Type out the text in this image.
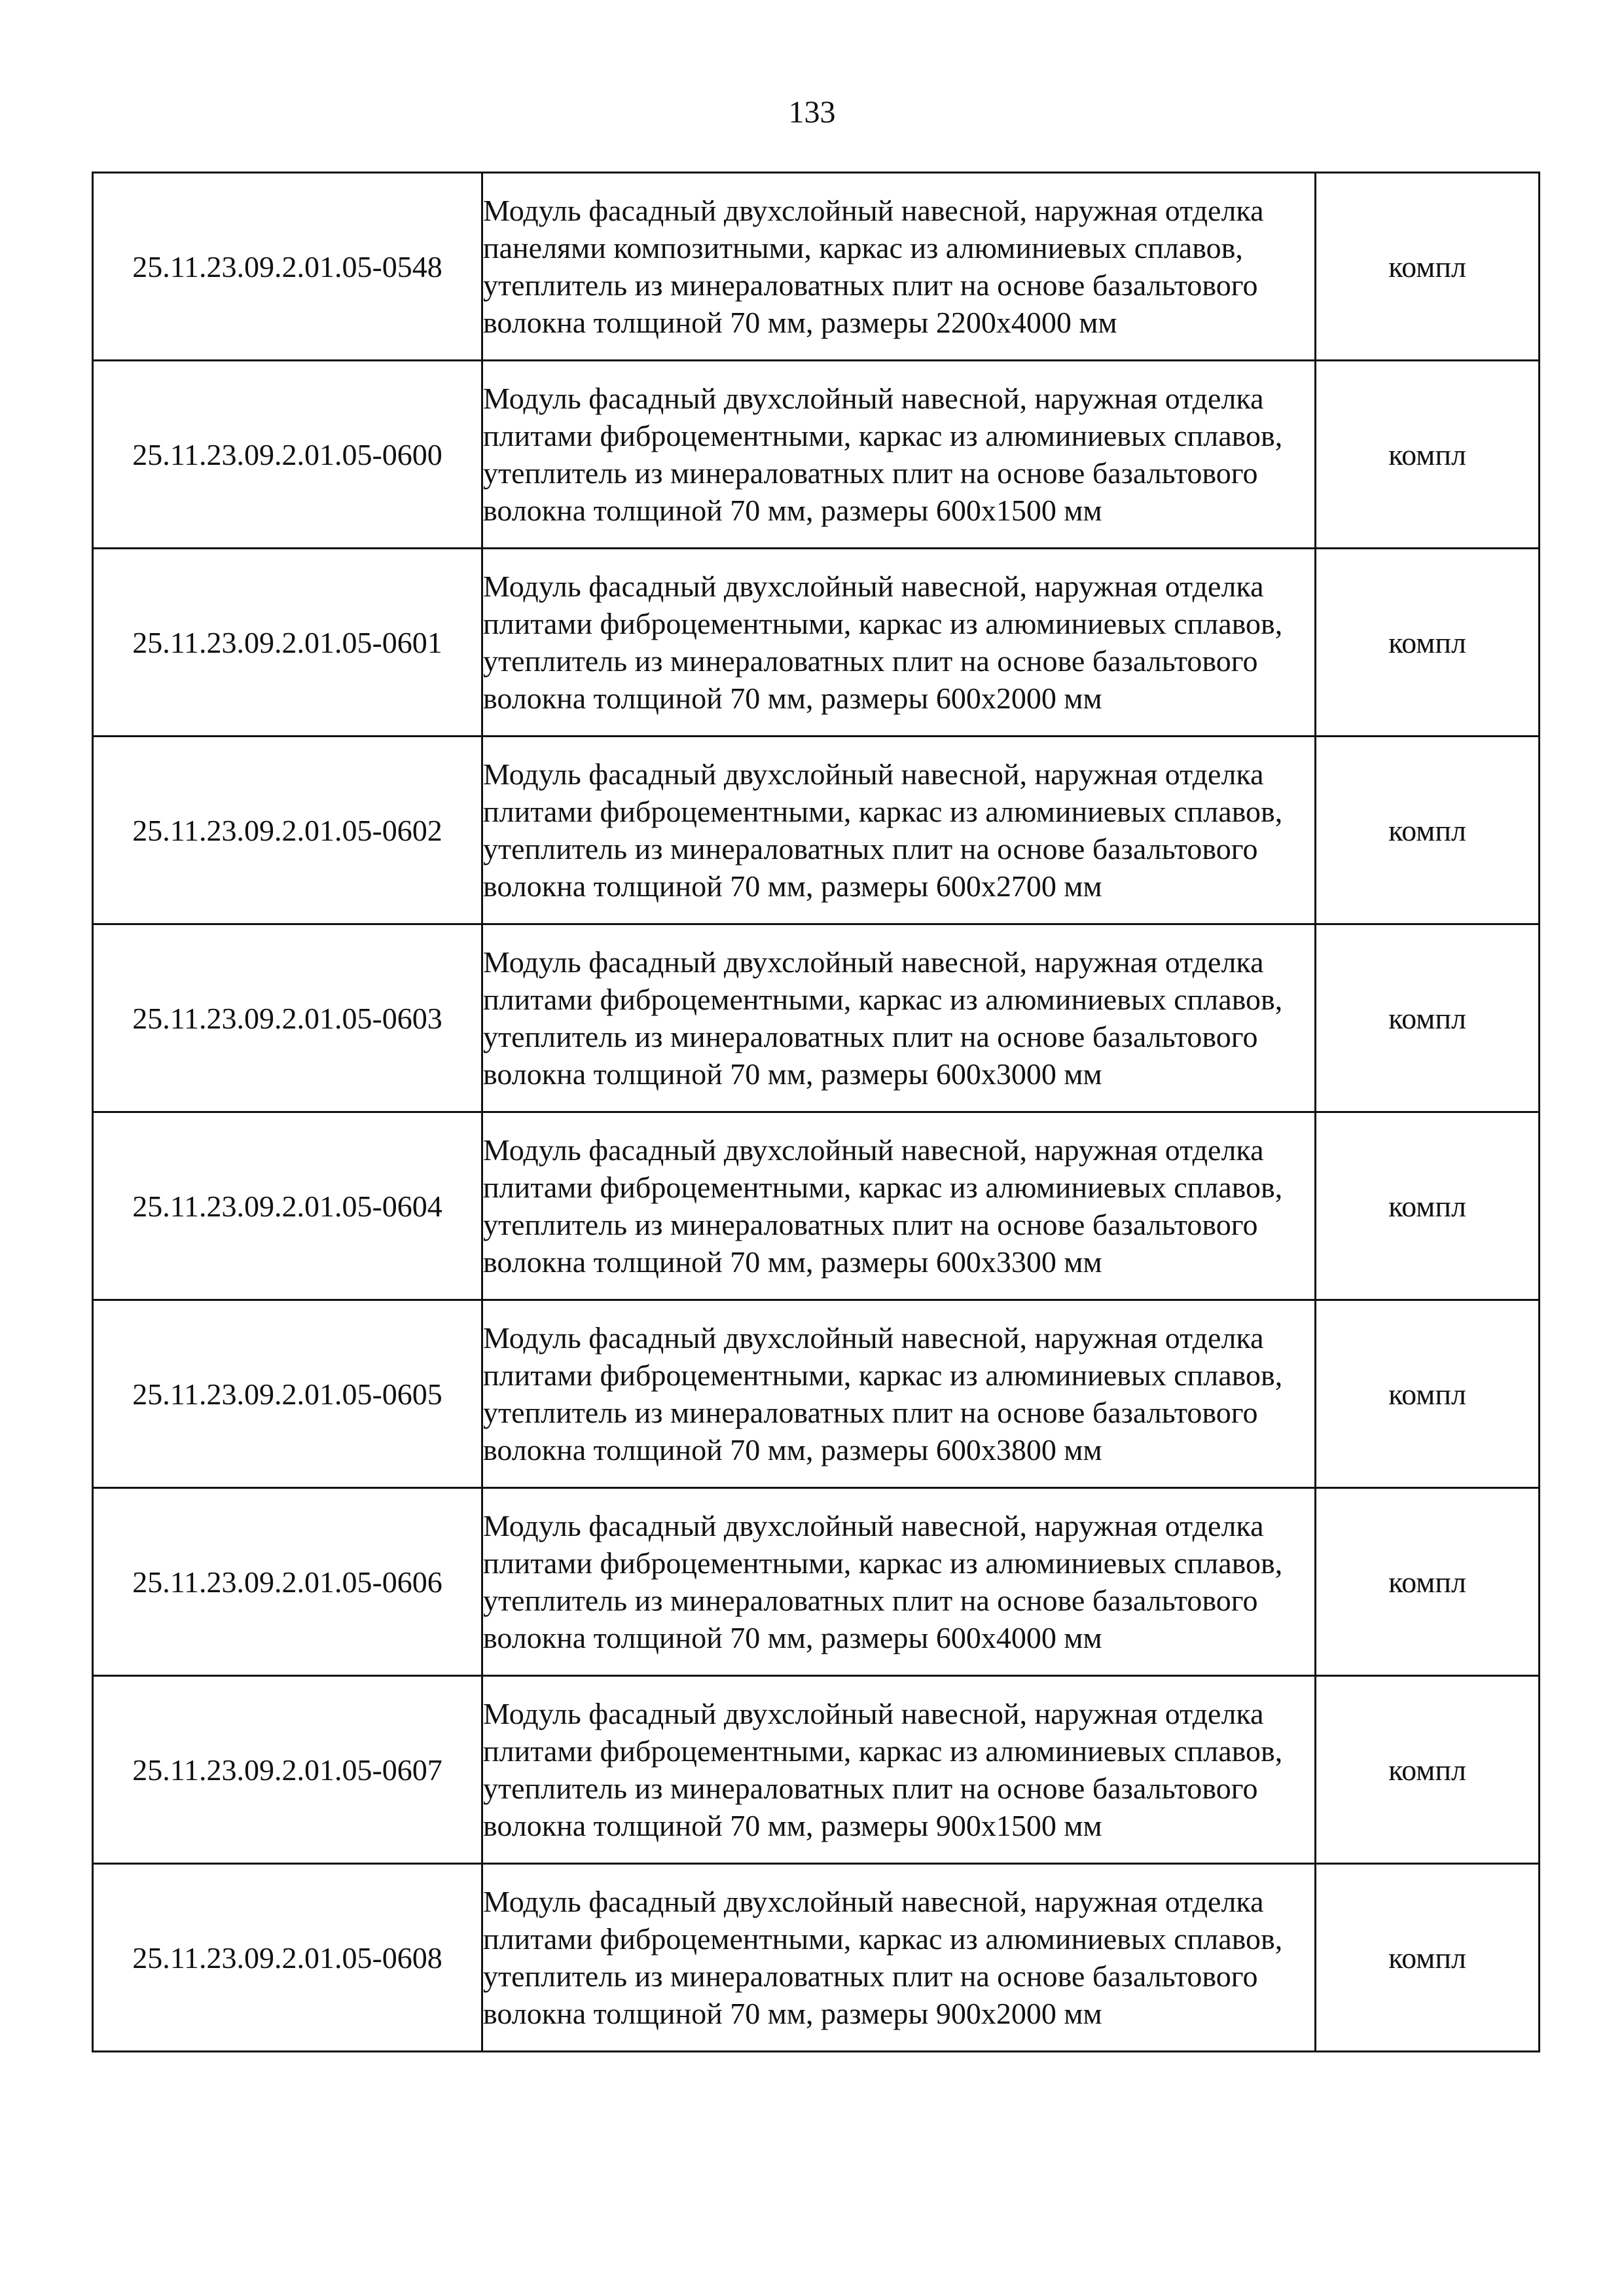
133
25.11.23.09.2.01.05-0548	Модуль фасадный двухслойный навесной, наружная отделка панелями композитными, каркас из алюминиевых сплавов, утеплитель из минераловатных плит на основе базальтового волокна толщиной 70 мм, размеры 2200х4000 мм	компл
25.11.23.09.2.01.05-0600	Модуль фасадный двухслойный навесной, наружная отделка плитами фиброцементными, каркас из алюминиевых сплавов, утеплитель из минераловатных плит на основе базальтового волокна толщиной 70 мм, размеры 600х1500 мм	компл
25.11.23.09.2.01.05-0601	Модуль фасадный двухслойный навесной, наружная отделка плитами фиброцементными, каркас из алюминиевых сплавов, утеплитель из минераловатных плит на основе базальтового волокна толщиной 70 мм, размеры 600х2000 мм	компл
25.11.23.09.2.01.05-0602	Модуль фасадный двухслойный навесной, наружная отделка плитами фиброцементными, каркас из алюминиевых сплавов, утеплитель из минераловатных плит на основе базальтового волокна толщиной 70 мм, размеры 600х2700 мм	компл
25.11.23.09.2.01.05-0603	Модуль фасадный двухслойный навесной, наружная отделка плитами фиброцементными, каркас из алюминиевых сплавов, утеплитель из минераловатных плит на основе базальтового волокна толщиной 70 мм, размеры 600х3000 мм	компл
25.11.23.09.2.01.05-0604	Модуль фасадный двухслойный навесной, наружная отделка плитами фиброцементными, каркас из алюминиевых сплавов, утеплитель из минераловатных плит на основе базальтового волокна толщиной 70 мм, размеры 600х3300 мм	компл
25.11.23.09.2.01.05-0605	Модуль фасадный двухслойный навесной, наружная отделка плитами фиброцементными, каркас из алюминиевых сплавов, утеплитель из минераловатных плит на основе базальтового волокна толщиной 70 мм, размеры 600х3800 мм	компл
25.11.23.09.2.01.05-0606	Модуль фасадный двухслойный навесной, наружная отделка плитами фиброцементными, каркас из алюминиевых сплавов, утеплитель из минераловатных плит на основе базальтового волокна толщиной 70 мм, размеры 600х4000 мм	компл
25.11.23.09.2.01.05-0607	Модуль фасадный двухслойный навесной, наружная отделка плитами фиброцементными, каркас из алюминиевых сплавов, утеплитель из минераловатных плит на основе базальтового волокна толщиной 70 мм, размеры 900х1500 мм	компл
25.11.23.09.2.01.05-0608	Модуль фасадный двухслойный навесной, наружная отделка плитами фиброцементными, каркас из алюминиевых сплавов, утеплитель из минераловатных плит на основе базальтового волокна толщиной 70 мм, размеры 900х2000 мм	компл
